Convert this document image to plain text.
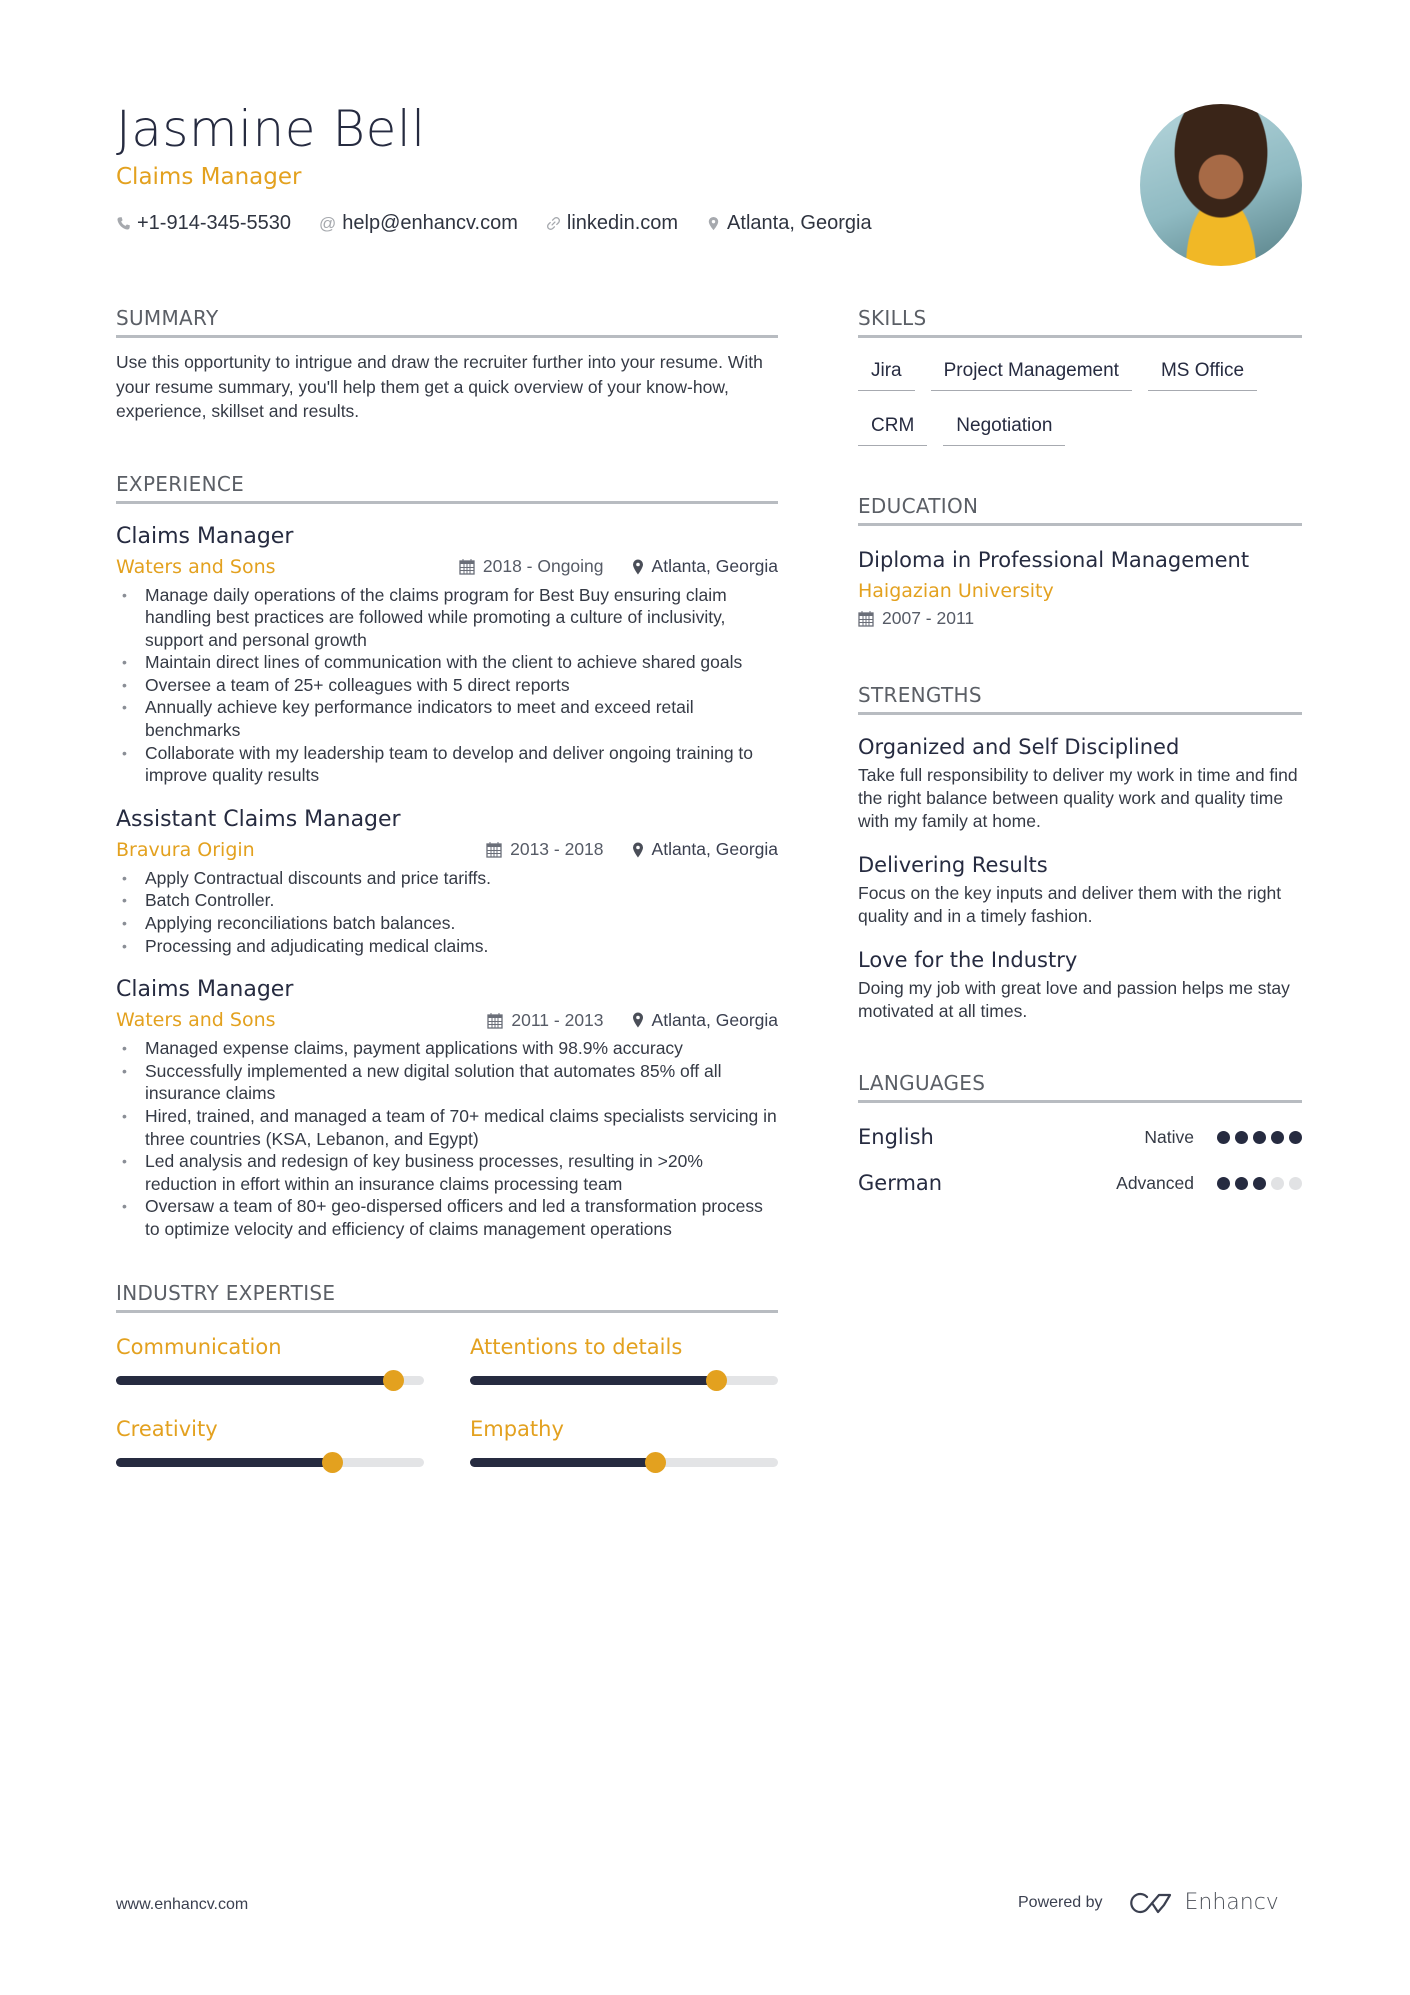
Jasmine Bell
Claims Manager
+1-914-345-5530 @ help@enhancv.com linkedin.com Atlanta, Georgia
SUMMARY
Use this opportunity to intrigue and draw the recruiter further into your resume. With your resume summary, you'll help them get a quick overview of your know-how, experience, skillset and results.
EXPERIENCE
Claims Manager
Waters and Sons	2018 - Ongoing	Atlanta, Georgia
• Manage daily operations of the claims program for Best Buy ensuring claim handling best practices are followed while promoting a culture of inclusivity, support and personal growth
• Maintain direct lines of communication with the client to achieve shared goals
• Oversee a team of 25+ colleagues with 5 direct reports
• Annually achieve key performance indicators to meet and exceed retail benchmarks
• Collaborate with my leadership team to develop and deliver ongoing training to improve quality results
Assistant Claims Manager
Bravura Origin	2013 - 2018	Atlanta, Georgia
• Apply Contractual discounts and price tariffs.
• Batch Controller.
• Applying reconciliations batch balances.
• Processing and adjudicating medical claims.
Claims Manager
Waters and Sons	2011 - 2013	Atlanta, Georgia
• Managed expense claims, payment applications with 98.9% accuracy
• Successfully implemented a new digital solution that automates 85% off all insurance claims
• Hired, trained, and managed a team of 70+ medical claims specialists servicing in three countries (KSA, Lebanon, and Egypt)
• Led analysis and redesign of key business processes, resulting in >20% reduction in effort within an insurance claims processing team
• Oversaw a team of 80+ geo-dispersed officers and led a transformation process to optimize velocity and efficiency of claims management operations
INDUSTRY EXPERTISE
Communication	Attentions to details
Creativity	Empathy
SKILLS
Jira	Project Management	MS Office
CRM	Negotiation
EDUCATION
Diploma in Professional Management
Haigazian University
2007 - 2011
STRENGTHS
Organized and Self Disciplined
Take full responsibility to deliver my work in time and find the right balance between quality work and quality time with my family at home.
Delivering Results
Focus on the key inputs and deliver them with the right quality and in a timely fashion.
Love for the Industry
Doing my job with great love and passion helps me stay motivated at all times.
LANGUAGES
English	Native
German	Advanced
www.enhancv.com	Powered by	Enhancv
